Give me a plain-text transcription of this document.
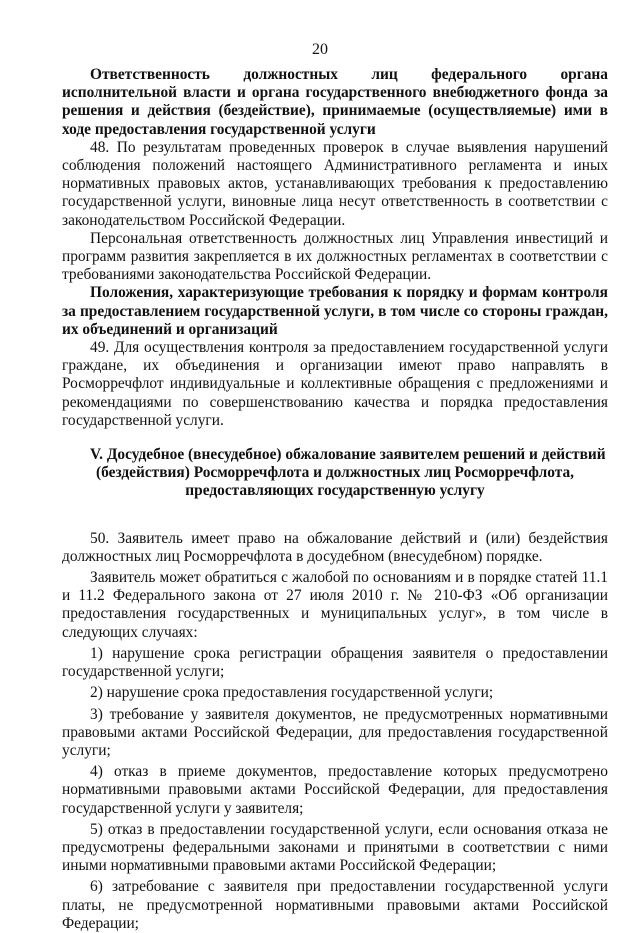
20

Ответственность должностных лиц федерального органа исполнительной власти и органа государственного внебюджетного фонда за решения и действия (бездействие), принимаемые (осуществляемые) ими в ходе предоставления государственной услуги

48. По результатам проведенных проверок в случае выявления нарушений соблюдения положений настоящего Административного регламента и иных нормативных правовых актов, устанавливающих требования к предоставлению государственной услуги, виновные лица несут ответственность в соответствии с законодательством Российской Федерации.

Персональная ответственность должностных лиц Управления инвестиций и программ развития закрепляется в их должностных регламентах в соответствии с требованиями законодательства Российской Федерации.

Положения, характеризующие требования к порядку и формам контроля за предоставлением государственной услуги, в том числе со стороны граждан, их объединений и организаций

49. Для осуществления контроля за предоставлением государственной услуги граждане, их объединения и организации имеют право направлять в Росморречфлот индивидуальные и коллективные обращения с предложениями и рекомендациями по совершенствованию качества и порядка предоставления государственной услуги.

V. Досудебное (внесудебное) обжалование заявителем решений и действий

(бездействия) Росморречфлота и должностных лиц Росморречфлота,

предоставляющих государственную услугу

50. Заявитель имеет право на обжалование действий и (или) бездействия должностных лиц Росморречфлота в досудебном (внесудебном) порядке.

Заявитель может обратиться с жалобой по основаниям и в порядке статей 11.1 и 11.2 Федерального закона от 27 июля 2010 г. № 210-ФЗ «Об организации предоставления государственных и муниципальных услуг», в том числе в следующих случаях:

1) нарушение срока регистрации обращения заявителя о предоставлении государственной услуги;

2) нарушение срока предоставления государственной услуги;

3) требование у заявителя документов, не предусмотренных нормативными правовыми актами Российской Федерации, для предоставления государственной услуги;

4) отказ в приеме документов, предоставление которых предусмотрено нормативными правовыми актами Российской Федерации, для предоставления государственной услуги у заявителя;

5) отказ в предоставлении государственной услуги, если основания отказа не предусмотрены федеральными законами и принятыми в соответствии с ними иными нормативными правовыми актами Российской Федерации;

6) затребование с заявителя при предоставлении государственной услуги платы, не предусмотренной нормативными правовыми актами Российской Федерации;
